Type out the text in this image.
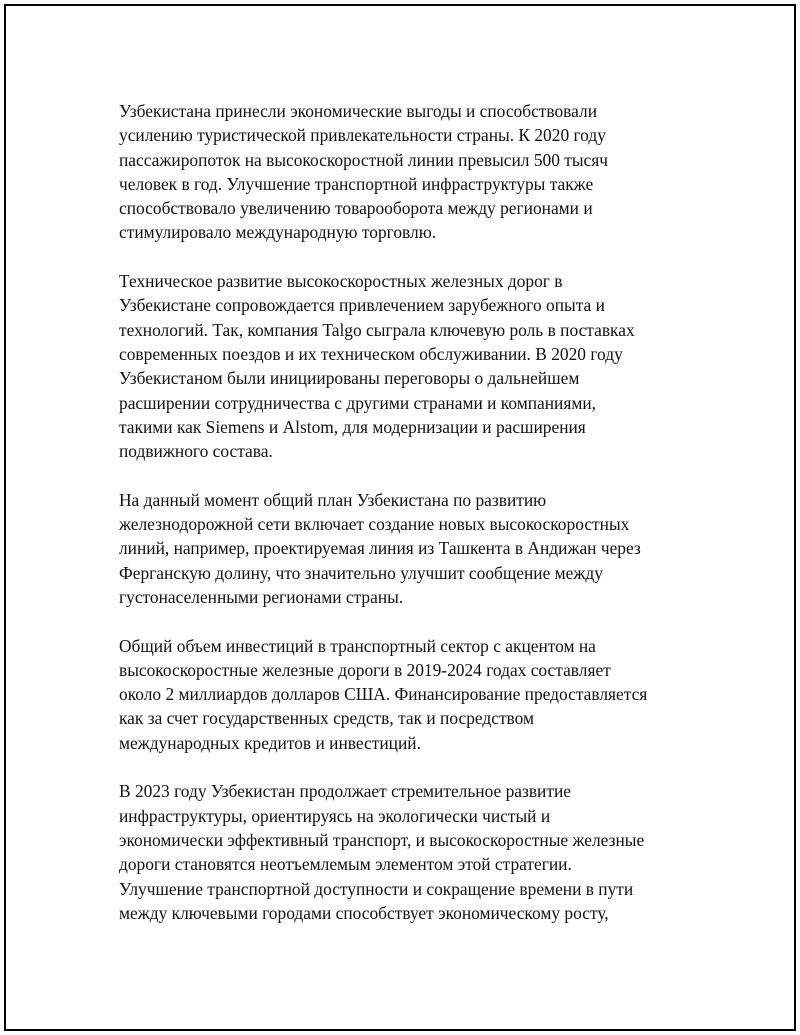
Узбекистана принесли экономические выгоды и способствовали
усилению туристической привлекательности страны. К 2020 году
пассажиропоток на высокоскоростной линии превысил 500 тысяч
человек в год. Улучшение транспортной инфраструктуры также
способствовало увеличению товарооборота между регионами и
стимулировало международную торговлю.

Техническое развитие высокоскоростных железных дорог в
Узбекистане сопровождается привлечением зарубежного опыта и
технологий. Так, компания Talgo сыграла ключевую роль в поставках
современных поездов и их техническом обслуживании. В 2020 году
Узбекистаном были инициированы переговоры о дальнейшем
расширении сотрудничества с другими странами и компаниями,
такими как Siemens и Alstom, для модернизации и расширения
подвижного состава.

На данный момент общий план Узбекистана по развитию
железнодорожной сети включает создание новых высокоскоростных
линий, например, проектируемая линия из Ташкента в Андижан через
Ферганскую долину, что значительно улучшит сообщение между
густонаселенными регионами страны.

Общий объем инвестиций в транспортный сектор с акцентом на
высокоскоростные железные дороги в 2019-2024 годах составляет
около 2 миллиардов долларов США. Финансирование предоставляется
как за счет государственных средств, так и посредством
международных кредитов и инвестиций.

В 2023 году Узбекистан продолжает стремительное развитие
инфраструктуры, ориентируясь на экологически чистый и
экономически эффективный транспорт, и высокоскоростные железные
дороги становятся неотъемлемым элементом этой стратегии.
Улучшение транспортной доступности и сокращение времени в пути
между ключевыми городами способствует экономическому росту,
